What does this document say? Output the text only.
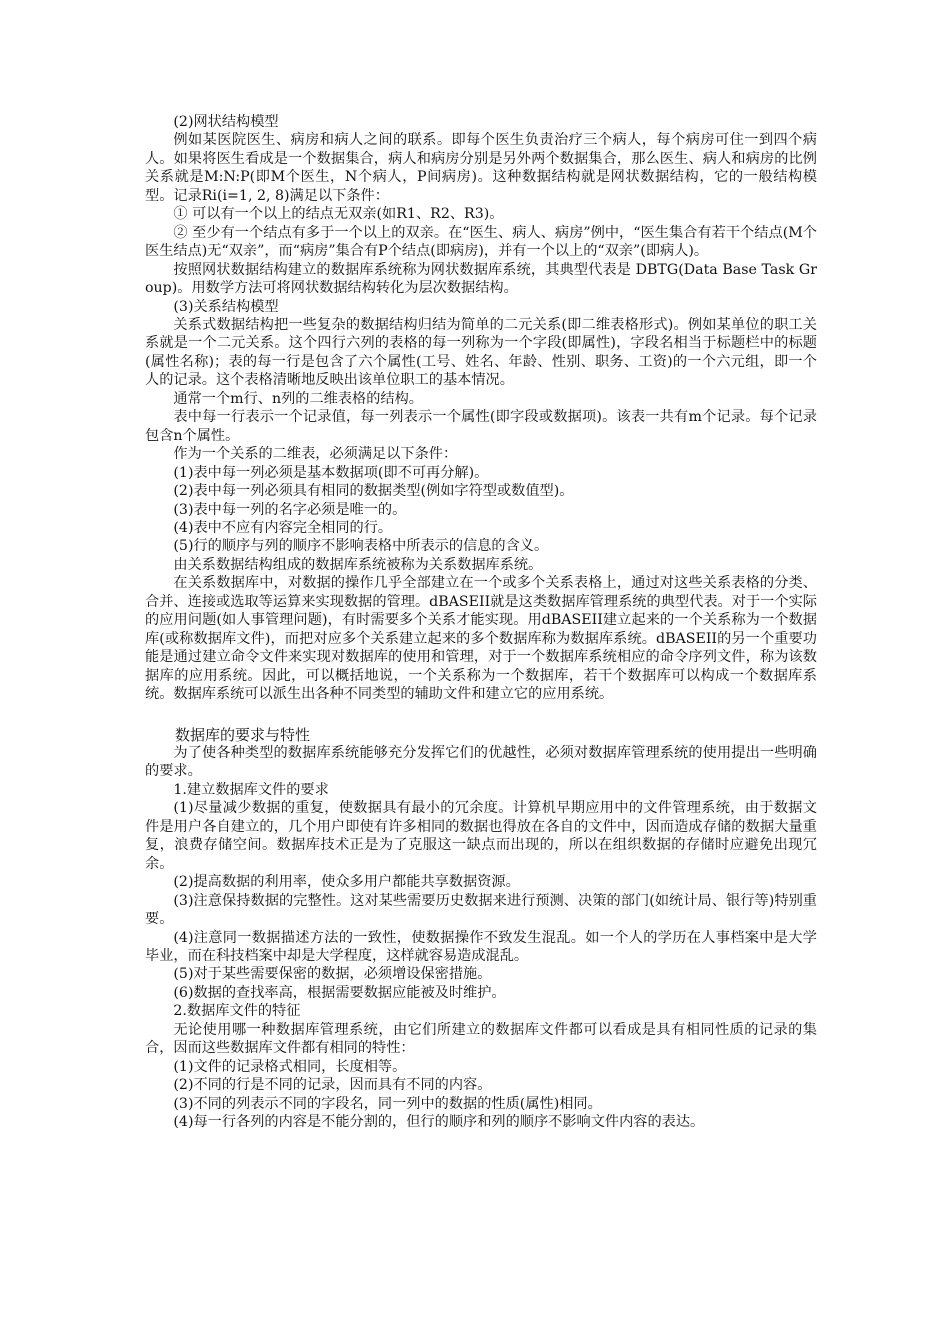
(2)网状结构模型

例如某医院医生、病房和病人之间的联系。即每个医生负责治疗三个病人，每个病房可住一到四个病人。如果将医生看成是一个数据集合，病人和病房分别是另外两个数据集合，那么医生、病人和病房的比例关系就是M:N:P(即M个医生，N个病人，P间病房)。这种数据结构就是网状数据结构，它的一般结构模型。记录Ri(i=1, 2, 8)满足以下条件：

① 可以有一个以上的结点无双亲(如R1、R2、R3)。

② 至少有一个结点有多于一个以上的双亲。在“医生、病人、病房”例中，“医生集合有若干个结点(M个医生结点)无“双亲”，而“病房”集合有P个结点(即病房)，并有一个以上的“双亲”(即病人)。

按照网状数据结构建立的数据库系统称为网状数据库系统，其典型代表是 DBTG(Data Base Task Group)。用数学方法可将网状数据结构转化为层次数据结构。

(3)关系结构模型

关系式数据结构把一些复杂的数据结构归结为简单的二元关系(即二维表格形式)。例如某单位的职工关系就是一个二元关系。这个四行六列的表格的每一列称为一个字段(即属性)，字段名相当于标题栏中的标题(属性名称)；表的每一行是包含了六个属性(工号、姓名、年龄、性别、职务、工资)的一个六元组，即一个人的记录。这个表格清晰地反映出该单位职工的基本情况。

通常一个m行、n列的二维表格的结构。

表中每一行表示一个记录值，每一列表示一个属性(即字段或数据项)。该表一共有m个记录。每个记录包含n个属性。

作为一个关系的二维表，必须满足以下条件：

(1)表中每一列必须是基本数据项(即不可再分解)。

(2)表中每一列必须具有相同的数据类型(例如字符型或数值型)。

(3)表中每一列的名字必须是唯一的。

(4)表中不应有内容完全相同的行。

(5)行的顺序与列的顺序不影响表格中所表示的信息的含义。

由关系数据结构组成的数据库系统被称为关系数据库系统。

在关系数据库中，对数据的操作几乎全部建立在一个或多个关系表格上，通过对这些关系表格的分类、合并、连接或选取等运算来实现数据的管理。dBASEII就是这类数据库管理系统的典型代表。对于一个实际的应用问题(如人事管理问题)，有时需要多个关系才能实现。用dBASEII建立起来的一个关系称为一个数据库(或称数据库文件)，而把对应多个关系建立起来的多个数据库称为数据库系统。dBASEII的另一个重要功能是通过建立命令文件来实现对数据库的使用和管理，对于一个数据库系统相应的命令序列文件，称为该数据库的应用系统。因此，可以概括地说，一个关系称为一个数据库，若干个数据库可以构成一个数据库系统。数据库系统可以派生出各种不同类型的辅助文件和建立它的应用系统。

数据库的要求与特性

为了使各种类型的数据库系统能够充分发挥它们的优越性，必须对数据库管理系统的使用提出一些明确的要求。

1.建立数据库文件的要求

(1)尽量减少数据的重复，使数据具有最小的冗余度。计算机早期应用中的文件管理系统，由于数据文件是用户各自建立的，几个用户即使有许多相同的数据也得放在各自的文件中，因而造成存储的数据大量重复，浪费存储空间。数据库技术正是为了克服这一缺点而出现的，所以在组织数据的存储时应避免出现冗余。

(2)提高数据的利用率，使众多用户都能共享数据资源。

(3)注意保持数据的完整性。这对某些需要历史数据来进行预测、决策的部门(如统计局、银行等)特别重要。

(4)注意同一数据描述方法的一致性，使数据操作不致发生混乱。如一个人的学历在人事档案中是大学毕业，而在科技档案中却是大学程度，这样就容易造成混乱。

(5)对于某些需要保密的数据，必须增设保密措施。

(6)数据的查找率高，根据需要数据应能被及时维护。

2.数据库文件的特征

无论使用哪一种数据库管理系统，由它们所建立的数据库文件都可以看成是具有相同性质的记录的集合，因而这些数据库文件都有相同的特性：

(1)文件的记录格式相同，长度相等。

(2)不同的行是不同的记录，因而具有不同的内容。

(3)不同的列表示不同的字段名，同一列中的数据的性质(属性)相同。

(4)每一行各列的内容是不能分割的，但行的顺序和列的顺序不影响文件内容的表达。
